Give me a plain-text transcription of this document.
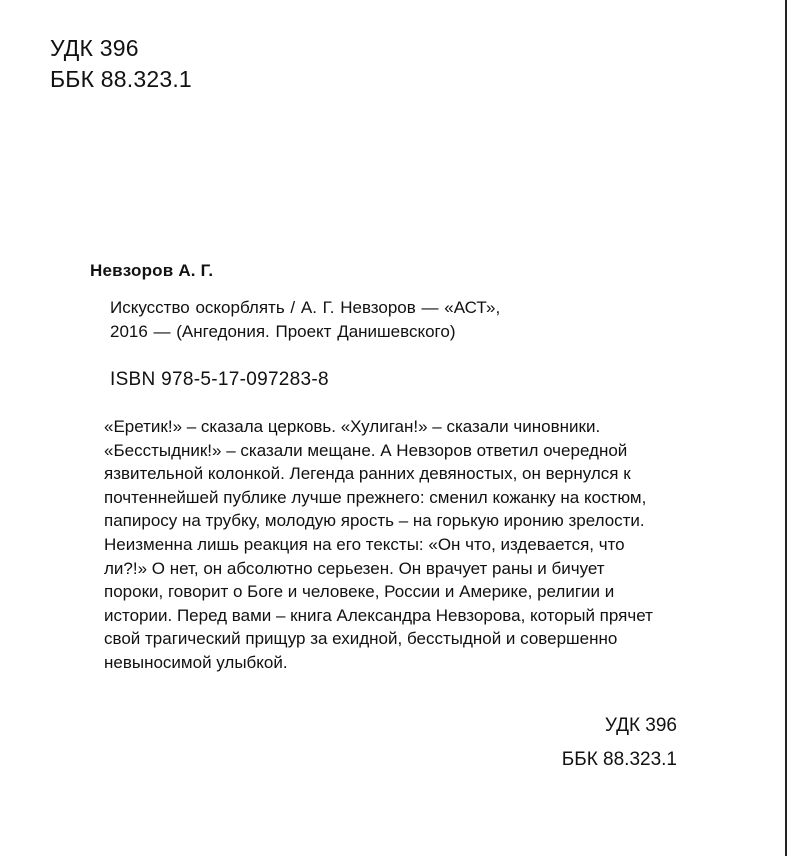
УДК 396
ББК 88.323.1
Невзоров А. Г.
Искусство оскорблять / А. Г. Невзоров — «АСТ»,
2016 — (Ангедония. Проект Данишевского)
ISBN 978-5-17-097283-8
«Еретик!» – сказала церковь. «Хулиган!» – сказали чиновники.
«Бесстыдник!» – сказали мещане. А Невзоров ответил очередной
язвительной колонкой. Легенда ранних девяностых, он вернулся к
почтеннейшей публике лучше прежнего: сменил кожанку на костюм,
папиросу на трубку, молодую ярость – на горькую иронию зрелости.
Неизменна лишь реакция на его тексты: «Он что, издевается, что
ли?!» О нет, он абсолютно серьезен. Он врачует раны и бичует
пороки, говорит о Боге и человеке, России и Америке, религии и
истории. Перед вами – книга Александра Невзорова, который прячет
свой трагический прищур за ехидной, бесстыдной и совершенно
невыносимой улыбкой.
УДК 396
ББК 88.323.1
